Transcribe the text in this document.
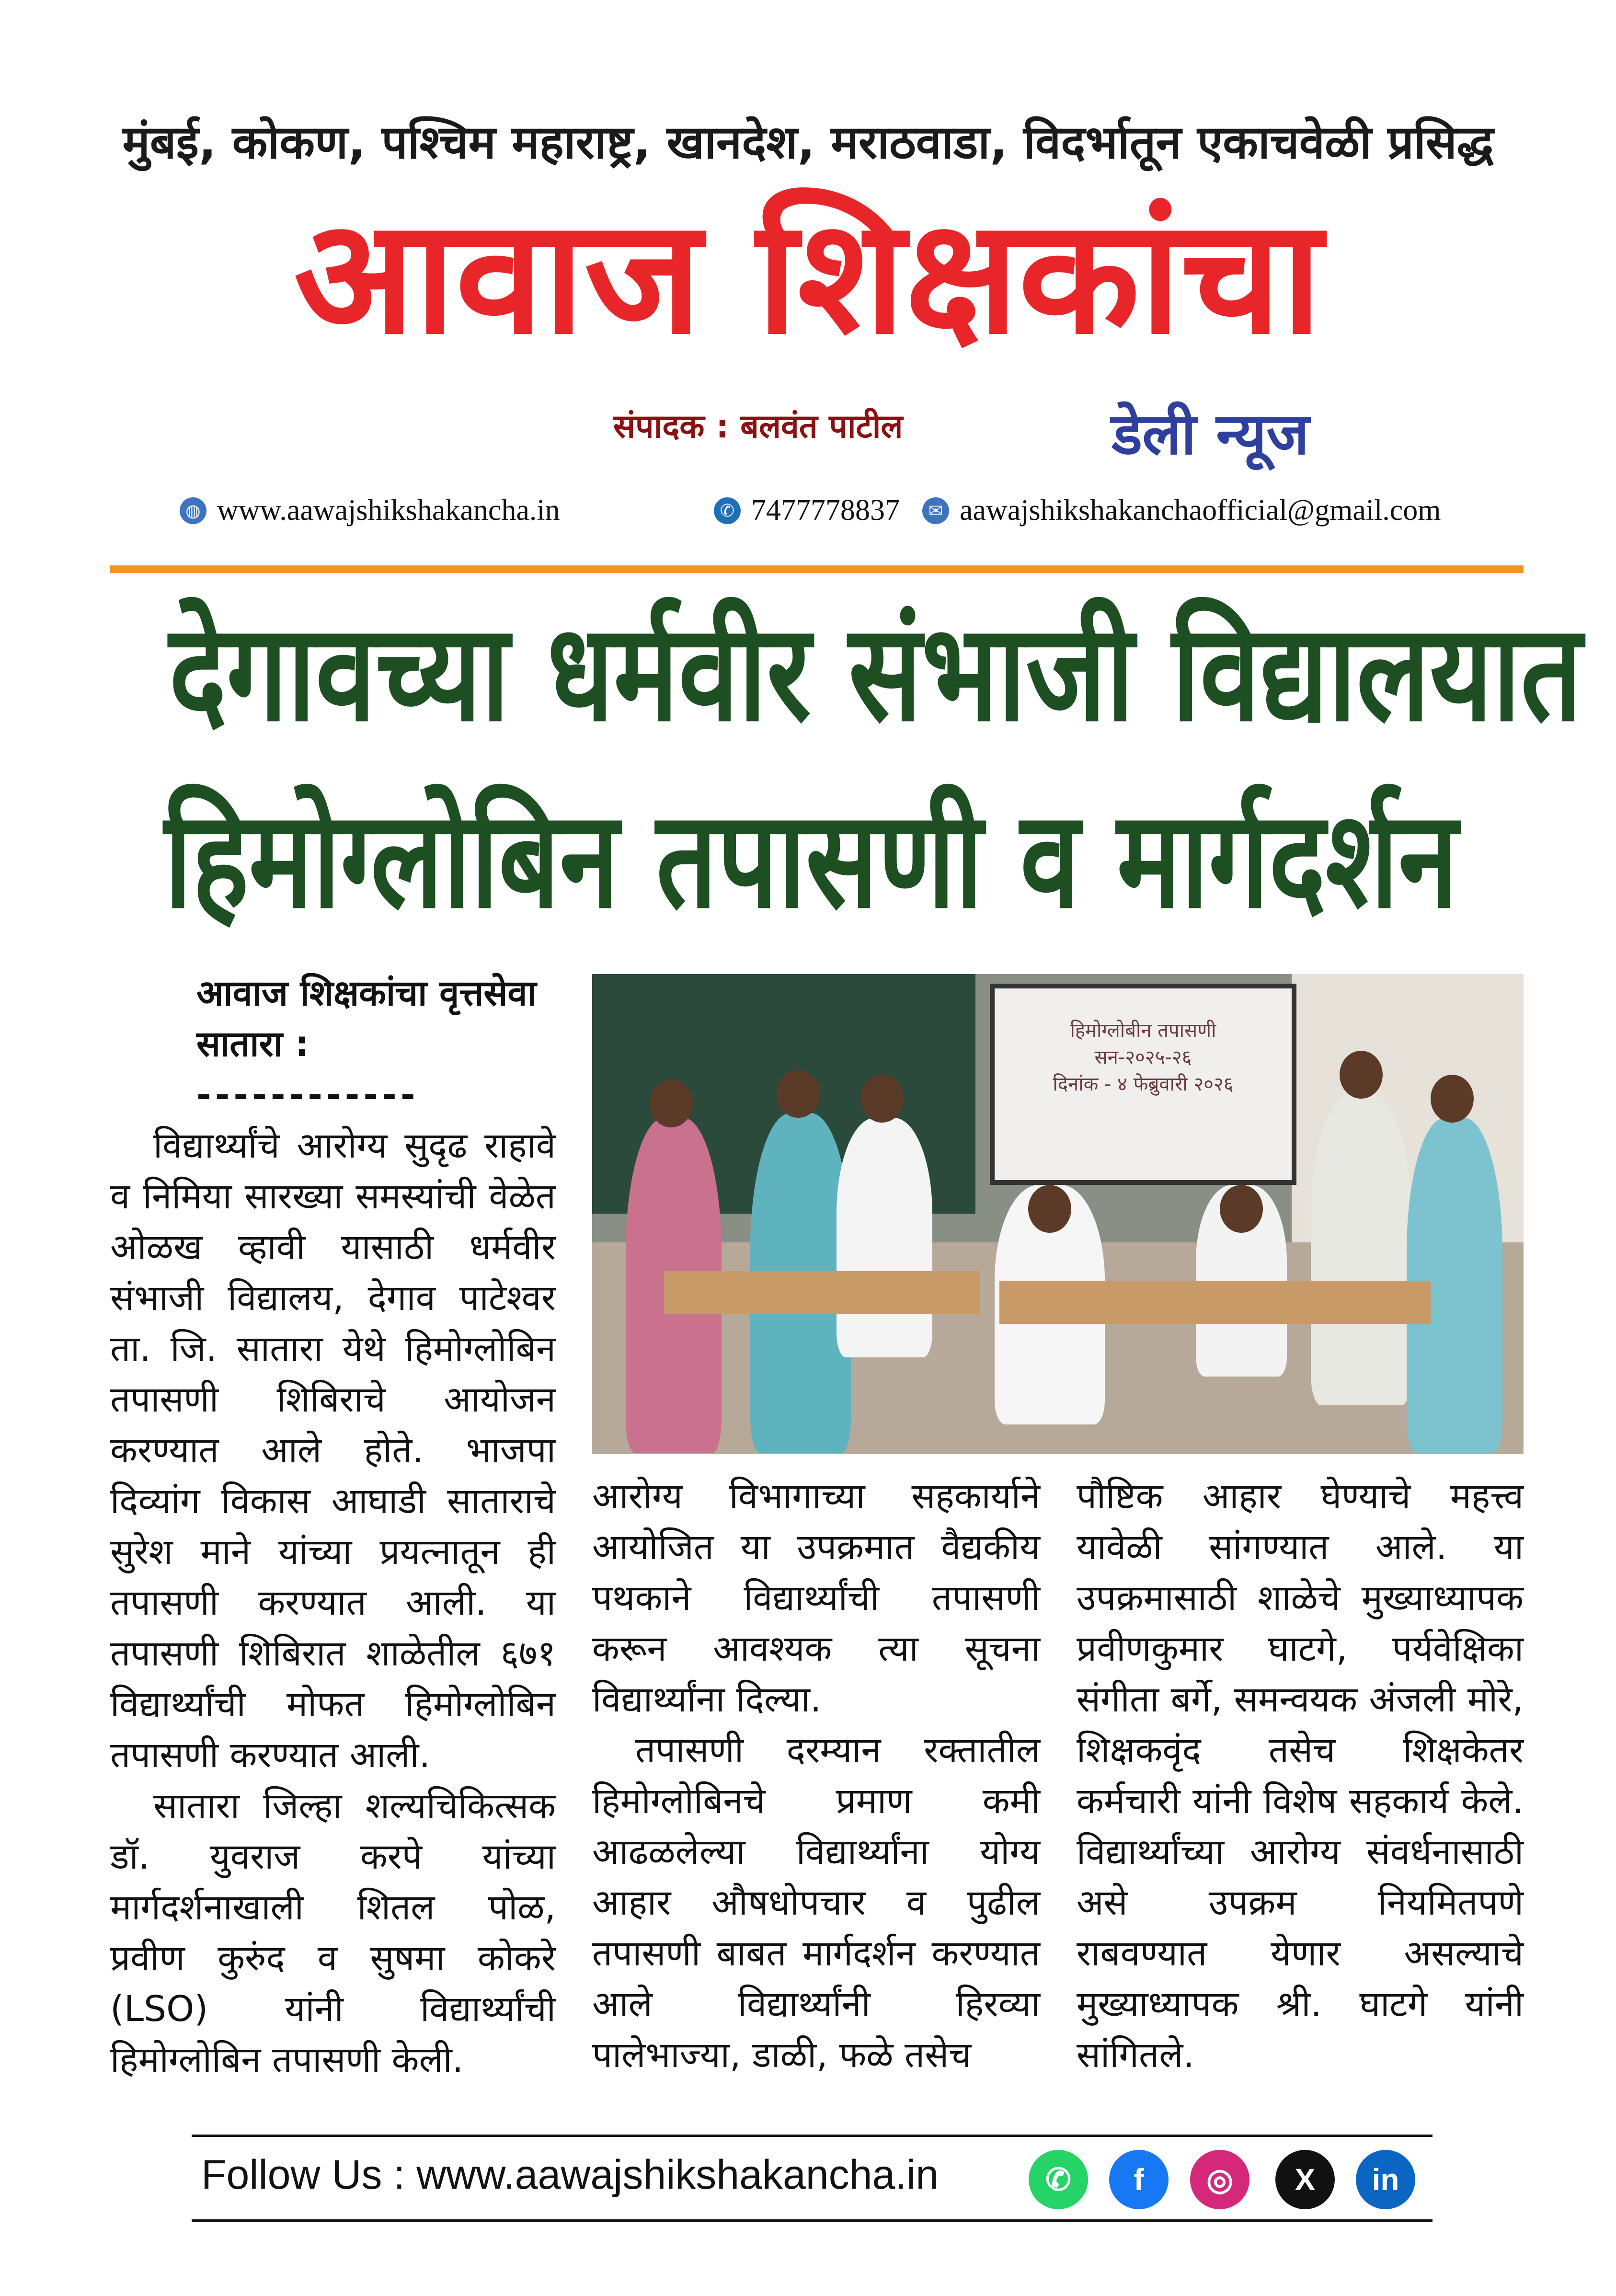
मुंबई, कोकण, पश्चिम महाराष्ट्र, खानदेश, मराठवाडा, विदर्भातून एकाचवेळी प्रसिद्ध
आवाज शिक्षकांचा
संपादक : बलवंत पाटील	डेली न्यूज
◍ www.aawajshikshakancha.in	✆ 7477778837	✉ aawajshikshakanchaofficial@gmail.com
देगावच्या धर्मवीर संभाजी विद्यालयात
हिमोग्लोबिन तपासणी व मार्गदर्शन

आवाज शिक्षकांचा वृत्तसेवा

सातारा :

------------

विद्यार्थ्यांचे आरोग्य सुदृढ राहावे व निमिया सारख्या समस्यांची वेळेत ओळख व्हावी यासाठी धर्मवीर संभाजी विद्यालय, देगाव पाटेश्वर ता. जि. सातारा येथे हिमोग्लोबिन तपासणी शिबिराचे आयोजन करण्यात आले होते. भाजपा दिव्यांग विकास आघाडी साताराचे सुरेश माने यांच्या प्रयत्नातून ही तपासणी करण्यात आली. या तपासणी शिबिरात शाळेतील ६७१ विद्यार्थ्यांची मोफत हिमोग्लोबिन तपासणी करण्यात आली.

सातारा जिल्हा शल्यचिकित्सक डॉ. युवराज करपे यांच्या मार्गदर्शनाखाली शितल पोळ, प्रवीण कुरुंद व सुषमा कोकरे (LSO) यांनी विद्यार्थ्यांची हिमोग्लोबिन तपासणी केली.

हिमोग्लोबीन तपासणी
सन-२०२५-२६
दिनांक - ४ फेब्रुवारी २०२६

आरोग्य विभागाच्या सहकार्याने आयोजित या उपक्रमात वैद्यकीय पथकाने विद्यार्थ्यांची तपासणी करून आवश्यक त्या सूचना विद्यार्थ्यांना दिल्या.

तपासणी दरम्यान रक्तातील हिमोग्लोबिनचे प्रमाण कमी आढळलेल्या विद्यार्थ्यांना योग्य आहार औषधोपचार व पुढील तपासणी बाबत मार्गदर्शन करण्यात आले विद्यार्थ्यांनी हिरव्या पालेभाज्या, डाळी, फळे तसेच

पौष्टिक आहार घेण्याचे महत्त्व यावेळी सांगण्यात आले. या उपक्रमासाठी शाळेचे मुख्याध्यापक प्रवीणकुमार घाटगे, पर्यवेक्षिका संगीता बर्गे, समन्वयक अंजली मोरे, शिक्षकवृंद तसेच शिक्षकेतर कर्मचारी यांनी विशेष सहकार्य केले. विद्यार्थ्यांच्या आरोग्य संवर्धनासाठी असे उपक्रम नियमितपणे राबवण्यात येणार असल्याचे मुख्याध्यापक श्री. घाटगे यांनी सांगितले.

Follow Us : www.aawajshikshakancha.in	✆	f	◎	X	in
